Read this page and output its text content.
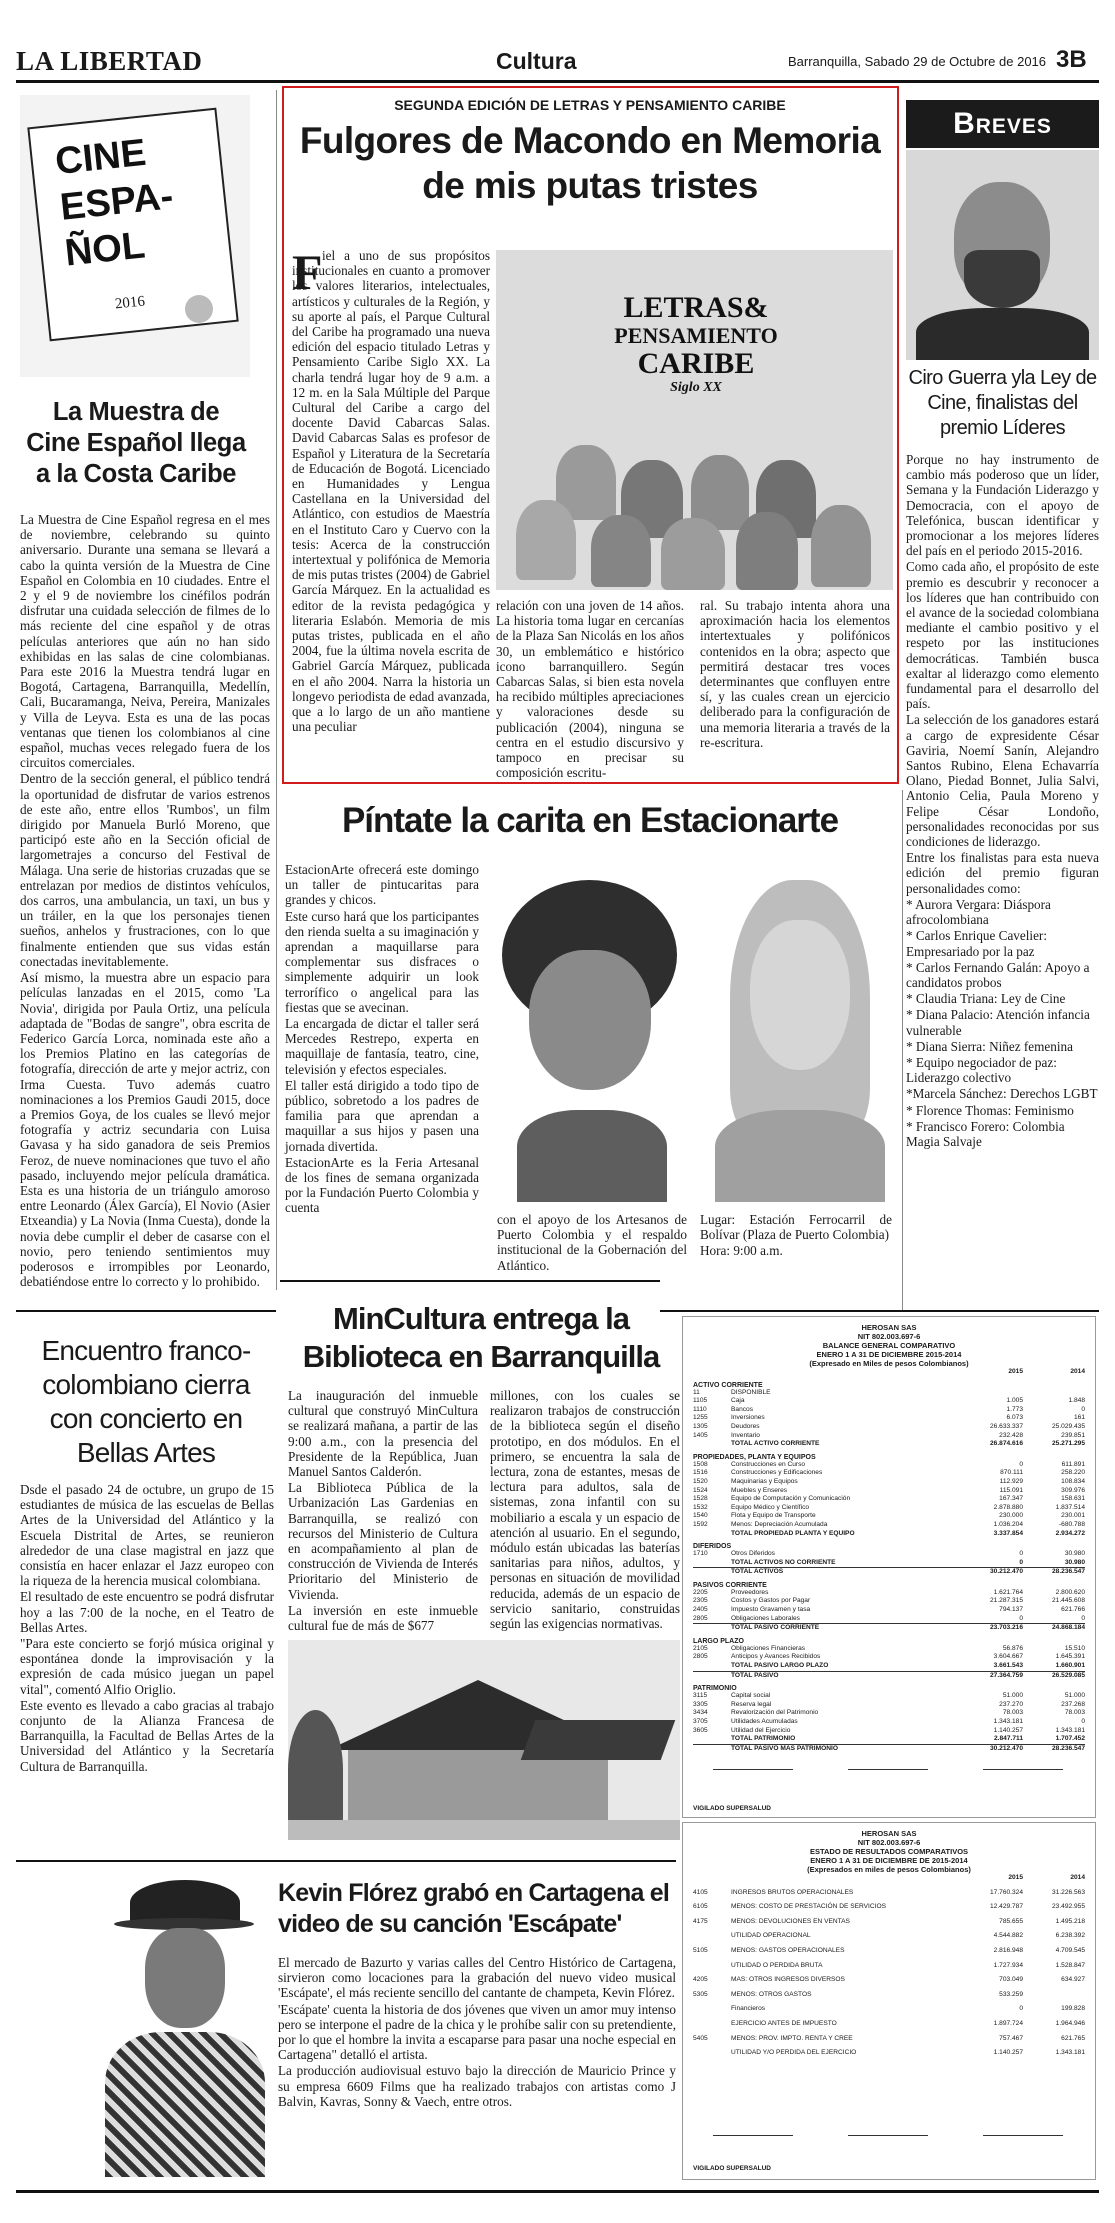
LA LIBERTAD	Cultura	Barranquilla, Sabado 29 de Octubre de 2016 3B
CINE
ESPA-
ÑOL
2016
La Muestra de Cine Español llega a la Costa Caribe

La Muestra de Cine Español regresa en el mes de noviembre, celebrando su quinto aniversario. Durante una semana se llevará a cabo la quinta versión de la Muestra de Cine Español en Colombia en 10 ciudades. Entre el 2 y el 9 de noviembre los cinéfilos podrán disfrutar una cuidada selección de filmes de lo más reciente del cine español y de otras películas anteriores que aún no han sido exhibidas en las salas de cine colombianas. Para este 2016 la Muestra tendrá lugar en Bogotá, Cartagena, Barranquilla, Medellín, Cali, Bucaramanga, Neiva, Pereira, Manizales y Villa de Leyva. Esta es una de las pocas ventanas que tienen los colombianos al cine español, muchas veces relegado fuera de los circuitos comerciales.

Dentro de la sección general, el público tendrá la oportunidad de disfrutar de varios estrenos de este año, entre ellos 'Rumbos', un film dirigido por Manuela Burló Moreno, que participó este año en la Sección oficial de largometrajes a concurso del Festival de Málaga. Una serie de historias cruzadas que se entrelazan por medios de distintos vehículos, dos carros, una ambulancia, un taxi, un bus y un tráiler, en la que los personajes tienen sueños, anhelos y frustraciones, con lo que finalmente entienden que sus vidas están conectadas inevitablemente.

Así mismo, la muestra abre un espacio para películas lanzadas en el 2015, como 'La Novia', dirigida por Paula Ortiz, una película adaptada de "Bodas de sangre", obra escrita de Federico García Lorca, nominada este año a los Premios Platino en las categorías de fotografía, dirección de arte y mejor actriz, con Irma Cuesta. Tuvo además cuatro nominaciones a los Premios Gaudi 2015, doce a Premios Goya, de los cuales se llevó mejor fotografía y actriz secundaria con Luisa Gavasa y ha sido ganadora de seis Premios Feroz, de nueve nominaciones que tuvo el año pasado, incluyendo mejor película dramática. Esta es una historia de un triángulo amoroso entre Leonardo (Álex García), El Novio (Asier Etxeandia) y La Novia (Inma Cuesta), donde la novia debe cumplir el deber de casarse con el novio, pero teniendo sentimientos muy poderosos e irrompibles por Leonardo, debatiéndose entre lo correcto y lo prohibido.

SEGUNDA EDICIÓN DE LETRAS Y PENSAMIENTO CARIBE
Fulgores de Macondo en Memoria de mis putas tristes
F iel a uno de sus propósitos institucionales en cuanto a promover los valores literarios, intelectuales, artísticos y culturales de la Región, y su aporte al país, el Parque Cultural del Caribe ha programado una nueva edición del espacio titulado Letras y Pensamiento Caribe Siglo XX. La charla tendrá lugar hoy de 9 a.m. a 12 m. en la Sala Múltiple del Parque Cultural del Caribe a cargo del docente David Cabarcas Salas. David Cabarcas Salas es profesor de Español y Literatura de la Secretaría de Educación de Bogotá. Licenciado en Humanidades y Lengua Castellana en la Universidad del Atlántico, con estudios de Maestría en el Instituto Caro y Cuervo con la tesis: Acerca de la construcción intertextual y polifónica de Memoria de mis putas tristes (2004) de Gabriel García Márquez. En la actualidad es editor de la revista pedagógica y literaria Eslabón. Memoria de mis putas tristes, publicada en el año 2004, fue la última novela escrita de Gabriel García Márquez, publicada en el año 2004. Narra la historia un longevo periodista de edad avanzada, que a lo largo de un año mantiene una peculiar

LETRAS&
PENSAMIENTO
CARIBE
Siglo XX

relación con una joven de 14 años. La historia toma lugar en cercanías de la Plaza San Nicolás en los años 30, un emblemático e histórico icono barranquillero. Según Cabarcas Salas, si bien esta novela ha recibido múltiples apreciaciones y valoraciones desde su publicación (2004), ninguna se centra en el estudio discursivo y tampoco en precisar su composición escritu-

ral. Su trabajo intenta ahora una aproximación hacia los elementos intertextuales y polifónicos contenidos en la obra; aspecto que permitirá destacar tres voces determinantes que confluyen entre sí, y las cuales crean un ejercicio deliberado para la configuración de una memoria literaria a través de la re-escritura.

Breves
Ciro Guerra yla Ley de Cine, finalistas del premio Líderes

Porque no hay instrumento de cambio más poderoso que un líder, Semana y la Fundación Liderazgo y Democracia, con el apoyo de Telefónica, buscan identificar y promocionar a los mejores líderes del país en el periodo 2015-2016.

Como cada año, el propósito de este premio es descubrir y reconocer a los líderes que han contribuido con el avance de la sociedad colombiana mediante el cambio positivo y el respeto por las instituciones democráticas. También busca exaltar al liderazgo como elemento fundamental para el desarrollo del país.

La selección de los ganadores estará a cargo de expresidente César Gaviria, Noemí Sanín, Alejandro Santos Rubino, Elena Echavarría Olano, Piedad Bonnet, Julia Salvi, Antonio Celia, Paula Moreno y Felipe César Londoño, personalidades reconocidas por sus condiciones de liderazgo.

Entre los finalistas para esta nueva edición del premio figuran personalidades como:

* Aurora Vergara: Diáspora afrocolombiana

* Carlos Enrique Cavelier: Empresariado por la paz

* Carlos Fernando Galán: Apoyo a candidatos probos

* Claudia Triana: Ley de Cine

* Diana Palacio: Atención infancia vulnerable

* Diana Sierra: Niñez femenina

* Equipo negociador de paz: Liderazgo colectivo

*Marcela Sánchez: Derechos LGBT

* Florence Thomas: Feminismo

* Francisco Forero: Colombia Magia Salvaje

Píntate la carita en Estacionarte

EstacionArte ofrecerá este domingo un taller de pintucaritas para grandes y chicos.

Este curso hará que los participantes den rienda suelta a su imaginación y aprendan a maquillarse para complementar sus disfraces o simplemente adquirir un look terrorífico o angelical para las fiestas que se avecinan.

La encargada de dictar el taller será Mercedes Restrepo, experta en maquillaje de fantasía, teatro, cine, televisión y efectos especiales.

El taller está dirigido a todo tipo de público, sobretodo a los padres de familia para que aprendan a maquillar a sus hijos y pasen una jornada divertida.

EstacionArte es la Feria Artesanal de los fines de semana organizada por la Fundación Puerto Colombia y cuenta

con el apoyo de los Artesanos de Puerto Colombia y el respaldo institucional de la Gobernación del Atlántico.

Lugar: Estación Ferrocarril de Bolívar (Plaza de Puerto Colombia)

Hora: 9:00 a.m.

Encuentro franco-colombiano cierra con concierto en Bellas Artes

Dsde el pasado 24 de octubre, un grupo de 15 estudiantes de música de las escuelas de Bellas Artes de la Universidad del Atlántico y la Escuela Distrital de Artes, se reunieron alrededor de una clase magistral en jazz que consistía en hacer enlazar el Jazz europeo con la riqueza de la herencia musical colombiana.

El resultado de este encuentro se podrá disfrutar hoy a las 7:00 de la noche, en el Teatro de Bellas Artes.

"Para este concierto se forjó música original y espontánea donde la improvisación y la expresión de cada músico juegan un papel vital", comentó Alfio Origlio.

Este evento es llevado a cabo gracias al trabajo conjunto de la Alianza Francesa de Barranquilla, la Facultad de Bellas Artes de la Universidad del Atlántico y la Secretaría Cultura de Barranquilla.

MinCultura entrega la Biblioteca en Barranquilla

La inauguración del inmueble cultural que construyó MinCultura se realizará mañana, a partir de las 9:00 a.m., con la presencia del Presidente de la República, Juan Manuel Santos Calderón.

La Biblioteca Pública de la Urbanización Las Gardenias en Barranquilla, se realizó con recursos del Ministerio de Cultura en acompañamiento al plan de construcción de Vivienda de Interés Prioritario del Ministerio de Vivienda.

La inversión en este inmueble cultural fue de más de $677

millones, con los cuales se realizaron trabajos de construcción de la biblioteca según el diseño prototipo, en dos módulos. En el primero, se encuentra la sala de lectura, zona de estantes, mesas de lectura para adultos, sala de sistemas, zona infantil con su mobiliario a escala y un espacio de atención al usuario. En el segundo, módulo están ubicadas las baterías sanitarias para niños, adultos, y personas en situación de movilidad reducida, además de un espacio de servicio sanitario, construidas según las exigencias normativas.

HEROSAN SAS
NIT 802.003.697-6
BALANCE GENERAL COMPARATIVO
ENERO 1 A 31 DE DICIEMBRE 2015-2014
(Expresado en Miles de pesos Colombianos)
2015	2014
ACTIVO CORRIENTE
11	DISPONIBLE
1105	Caja	1.005	1.848
1110	Bancos	1.773	0
1255	Inversiones	6.073	161
1305	Deudores	26.633.337	25.029.435
1405	Inventario	232.428	239.851
TOTAL ACTIVO CORRIENTE	26.874.616	25.271.295
PROPIEDADES, PLANTA Y EQUIPOS
1508	Construcciones en Curso	0	611.891
1516	Construcciones y Edificaciones	870.111	258.220
1520	Maquinarias y Equipos	112.929	108.834
1524	Muebles y Enseres	115.091	309.976
1528	Equipo de Computación y Comunicación	167.347	158.631
1532	Equipo Médico y Científico	2.878.880	1.837.514
1540	Flota y Equipo de Transporte	230.000	230.001
1592	Menos: Depreciación Acumulada	1.036.204	-680.788
TOTAL PROPIEDAD PLANTA Y EQUIPO	3.337.854	2.934.272
DIFERIDOS
1710	Otros Diferidos	0	30.980
TOTAL ACTIVOS NO CORRIENTE	0	30.980
TOTAL ACTIVOS	30.212.470	28.236.547
PASIVOS CORRIENTE
2205	Proveedores	1.621.764	2.800.620
2305	Costos y Gastos por Pagar	21.287.315	21.445.608
2405	Impuesto Gravamen y tasa	794.137	621.766
2805	Obligaciones Laborales	0	0
TOTAL PASIVO CORRIENTE	23.703.216	24.868.184
LARGO PLAZO
2105	Obligaciones Financieras	56.876	15.510
2805	Anticipos y Avances Recibidos	3.604.667	1.645.391
TOTAL PASIVO LARGO PLAZO	3.661.543	1.660.901
TOTAL PASIVO	27.364.759	26.529.085
PATRIMONIO
3115	Capital social	51.000	51.000
3305	Reserva legal	237.270	237.268
3434	Revalorización del Patrimonio	78.003	78.003
3705	Utilidades Acumuladas	1.343.181	0
3605	Utilidad del Ejercicio	1.140.257	1.343.181
TOTAL PATRIMONIO	2.847.711	1.707.452
TOTAL PASIVO MAS PATRIMONIO	30.212.470	28.236.547
VIGILADO SUPERSALUD
HEROSAN SAS
NIT 802.003.697-6
ESTADO DE RESULTADOS COMPARATIVOS
ENERO 1 A 31 DE DICIEMBRE DE 2015-2014
(Expresados en miles de pesos Colombianos)
2015	2014
4105	INGRESOS BRUTOS OPERACIONALES	17.760.324	31.226.563
6105	MENOS: COSTO DE PRESTACIÓN DE SERVICIOS	12.429.787	23.492.955
4175	MENOS: DEVOLUCIONES EN VENTAS	785.655	1.495.218
UTILIDAD OPERACIONAL	4.544.882	6.238.392
5105	MENOS: GASTOS OPERACIONALES	2.816.948	4.709.545
UTILIDAD O PERDIDA BRUTA	1.727.934	1.528.847
4205	MAS: OTROS INGRESOS DIVERSOS	703.049	634.927
5305	MENOS: OTROS GASTOS	533.259
Financieros	0	199.828
EJERCICIO ANTES DE IMPUESTO	1.897.724	1.964.946
5405	MENOS: PROV. IMPTO. RENTA Y CREE	757.467	621.765
UTILIDAD Y/O PERDIDA DEL EJERCICIO	1.140.257	1.343.181
VIGILADO SUPERSALUD
Kevin Flórez grabó en Cartagena el video de su canción 'Escápate'

El mercado de Bazurto y varias calles del Centro Histórico de Cartagena, sirvieron como locaciones para la grabación del nuevo video musical 'Escápate', el más reciente sencillo del cantante de champeta, Kevin Flórez.

'Escápate' cuenta la historia de dos jóvenes que viven un amor muy intenso pero se interpone el padre de la chica y le prohíbe salir con su pretendiente, por lo que el hombre la invita a escaparse para pasar una noche especial en Cartagena" detalló el artista.

La producción audiovisual estuvo bajo la dirección de Mauricio Prince y su empresa 6609 Films que ha realizado trabajos con artistas como J Balvin, Kavras, Sonny & Vaech, entre otros.
